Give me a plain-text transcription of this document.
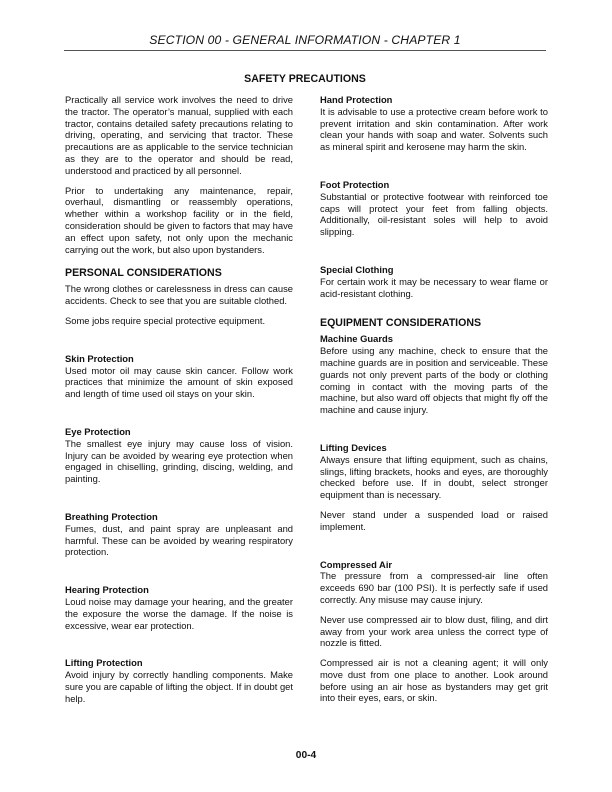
SECTION 00 - GENERAL INFORMATION - CHAPTER 1
SAFETY PRECAUTIONS

Practically all service work involves the need to drive the tractor. The operator’s manual, supplied with each tractor, contains detailed safety precautions relating to driving, operating, and servicing that tractor. These precautions are as applicable to the service technician as they are to the operator and should be read, understood and practiced by all personnel.

Prior to undertaking any maintenance, repair, overhaul, dismantling or reassembly operations, whether within a workshop facility or in the field, consideration should be given to factors that may have an effect upon safety, not only upon the mechanic carrying out the work, but also upon bystanders.

PERSONAL CONSIDERATIONS

The wrong clothes or carelessness in dress can cause accidents. Check to see that you are suitable clothed.

Some jobs require special protective equipment.

Skin Protection

Used motor oil may cause skin cancer. Follow work practices that minimize the amount of skin exposed and length of time used oil stays on your skin.

Eye Protection

The smallest eye injury may cause loss of vision. Injury can be avoided by wearing eye protection when engaged in chiselling, grinding, discing, welding, and painting.

Breathing Protection

Fumes, dust, and paint spray are unpleasant and harmful. These can be avoided by wearing respiratory protection.

Hearing Protection

Loud noise may damage your hearing, and the greater the exposure the worse the damage. If the noise is excessive, wear ear protection.

Lifting Protection

Avoid injury by correctly handling components. Make sure you are capable of lifting the object. If in doubt get help.

Hand Protection

It is advisable to use a protective cream before work to prevent irritation and skin contamination. After work clean your hands with soap and water. Solvents such as mineral spirit and kerosene may harm the skin.

Foot Protection

Substantial or protective footwear with reinforced toe caps will protect your feet from falling objects. Additionally, oil-resistant soles will help to avoid slipping.

Special Clothing

For certain work it may be necessary to wear flame or acid-resistant clothing.

EQUIPMENT CONSIDERATIONS
Machine Guards

Before using any machine, check to ensure that the machine guards are in position and serviceable. These guards not only prevent parts of the body or clothing coming in contact with the moving parts of the machine, but also ward off objects that might fly off the machine and cause injury.

Lifting Devices

Always ensure that lifting equipment, such as chains, slings, lifting brackets, hooks and eyes, are thoroughly checked before use. If in doubt, select stronger equipment than is necessary.

Never stand under a suspended load or raised implement.

Compressed Air

The pressure from a compressed-air line often exceeds 690 bar (100 PSI). It is perfectly safe if used correctly. Any misuse may cause injury.

Never use compressed air to blow dust, filing, and dirt away from your work area unless the correct type of nozzle is fitted.

Compressed air is not a cleaning agent; it will only move dust from one place to another. Look around before using an air hose as bystanders may get grit into their eyes, ears, or skin.

00-4
